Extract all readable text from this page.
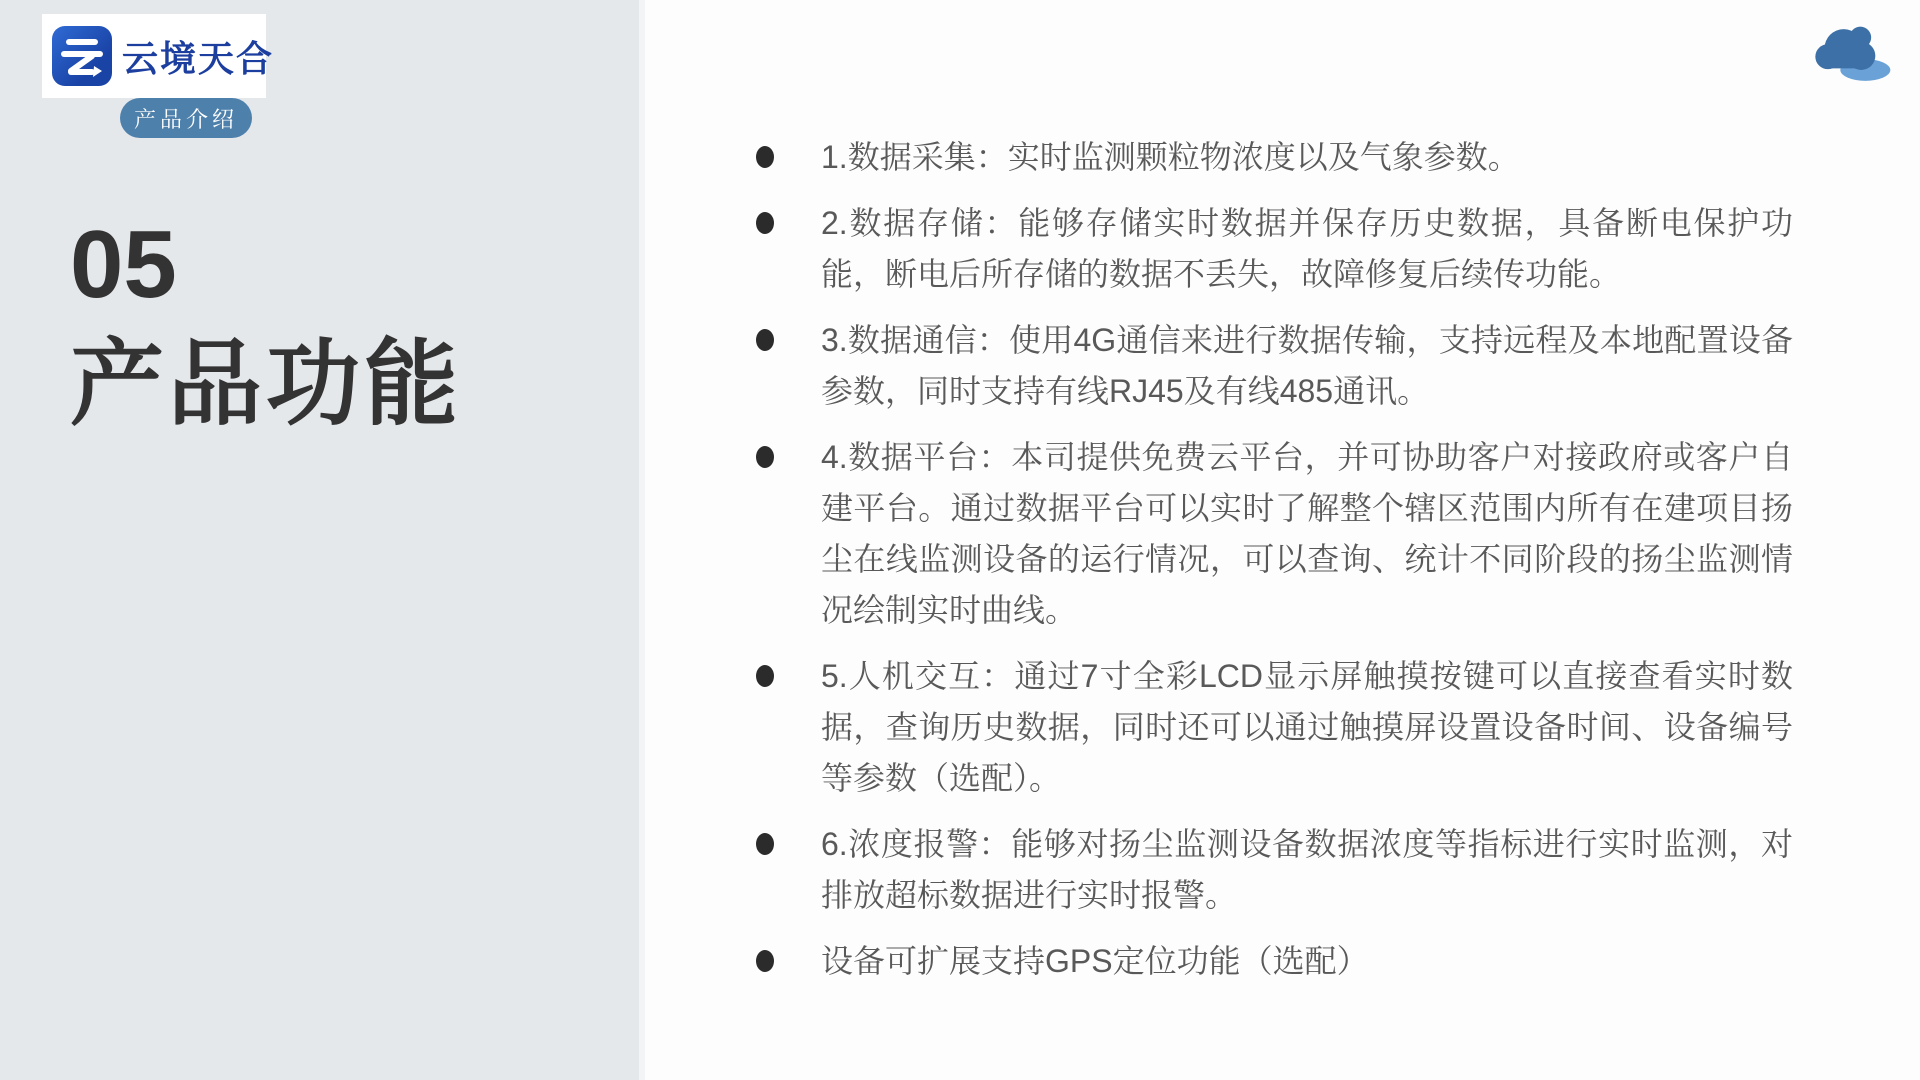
云境天合
产品介绍
05
产品功能
1.数据采集：实时监测颗粒物浓度以及气象参数。
2.数据存储：能够存储实时数据并保存历史数据，具备断电保护功能，断电后所存储的数据不丢失，故障修复后续传功能。
3.数据通信：使用4G通信来进行数据传输，支持远程及本地配置设备参数，同时支持有线RJ45及有线485通讯。
4.数据平台：本司提供免费云平台，并可协助客户对接政府或客户自建平台。通过数据平台可以实时了解整个辖区范围内所有在建项目扬尘在线监测设备的运行情况，可以查询、统计不同阶段的扬尘监测情况绘制实时曲线。
5.人机交互：通过7寸全彩LCD显示屏触摸按键可以直接查看实时数据，查询历史数据，同时还可以通过触摸屏设置设备时间、设备编号等参数（选配）。
6.浓度报警：能够对扬尘监测设备数据浓度等指标进行实时监测，对排放超标数据进行实时报警。
设备可扩展支持GPS定位功能（选配）
